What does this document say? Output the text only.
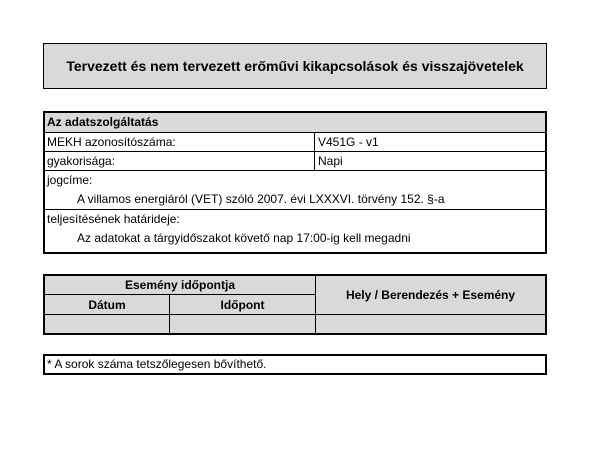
Tervezett és nem tervezett erőművi kikapcsolások és visszajövetelek
Az adatszolgáltatás
MEKH azonosítószáma:	V451G - v1
gyakorisága:	Napi
jogcíme:
A villamos energiáról (VET) szóló 2007. évi LXXXVI. törvény 152. §-a
teljesítésének határideje:
Az adatokat a tárgyidőszakot követő nap 17:00-ig kell megadni
Esemény időpontja
Dátum	Időpont
Hely / Berendezés + Esemény
* A sorok száma tetszőlegesen bővíthető.
